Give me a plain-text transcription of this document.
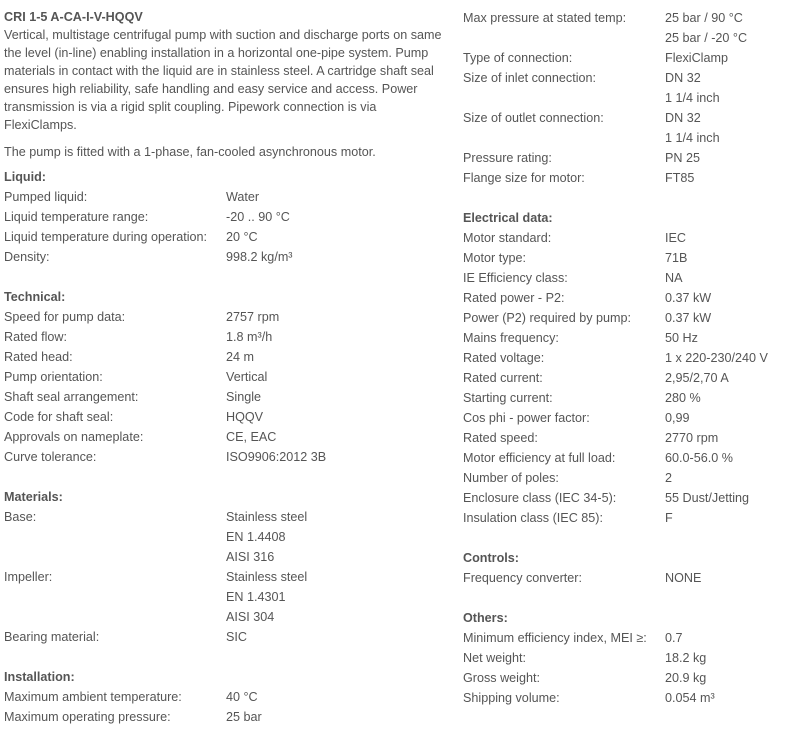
CRI 1-5 A-CA-I-V-HQQV

Vertical, multistage centrifugal pump with suction and discharge ports on same the level (in-line) enabling installation in a horizontal one-pipe system. Pump materials in contact with the liquid are in stainless steel. A cartridge shaft seal ensures high reliability, safe handling and easy service and access. Power transmission is via a rigid split coupling. Pipework connection is via FlexiClamps.

The pump is fitted with a 1-phase, fan-cooled asynchronous motor.

Liquid:
Pumped liquid:	Water
Liquid temperature range:	-20 .. 90 °C
Liquid temperature during operation:	20 °C
Density:	998.2 kg/m³
Technical:
Speed for pump data:	2757 rpm
Rated flow:	1.8 m³/h
Rated head:	24 m
Pump orientation:	Vertical
Shaft seal arrangement:	Single
Code for shaft seal:	HQQV
Approvals on nameplate:	CE, EAC
Curve tolerance:	ISO9906:2012 3B
Materials:
Base:	Stainless steel
EN 1.4408
AISI 316
Impeller:	Stainless steel
EN 1.4301
AISI 304
Bearing material:	SIC
Installation:
Maximum ambient temperature:	40 °C
Maximum operating pressure:	25 bar
Max pressure at stated temp:	25 bar / 90 °C
25 bar / -20 °C
Type of connection:	FlexiClamp
Size of inlet connection:	DN 32
1 1/4 inch
Size of outlet connection:	DN 32
1 1/4 inch
Pressure rating:	PN 25
Flange size for motor:	FT85
Electrical data:
Motor standard:	IEC
Motor type:	71B
IE Efficiency class:	NA
Rated power - P2:	0.37 kW
Power (P2) required by pump:	0.37 kW
Mains frequency:	50 Hz
Rated voltage:	1 x 220-230/240 V
Rated current:	2,95/2,70 A
Starting current:	280 %
Cos phi - power factor:	0,99
Rated speed:	2770 rpm
Motor efficiency at full load:	60.0-56.0 %
Number of poles:	2
Enclosure class (IEC 34-5):	55 Dust/Jetting
Insulation class (IEC 85):	F
Controls:
Frequency converter:	NONE
Others:
Minimum efficiency index, MEI ≥:	0.7
Net weight:	18.2 kg
Gross weight:	20.9 kg
Shipping volume:	0.054 m³
